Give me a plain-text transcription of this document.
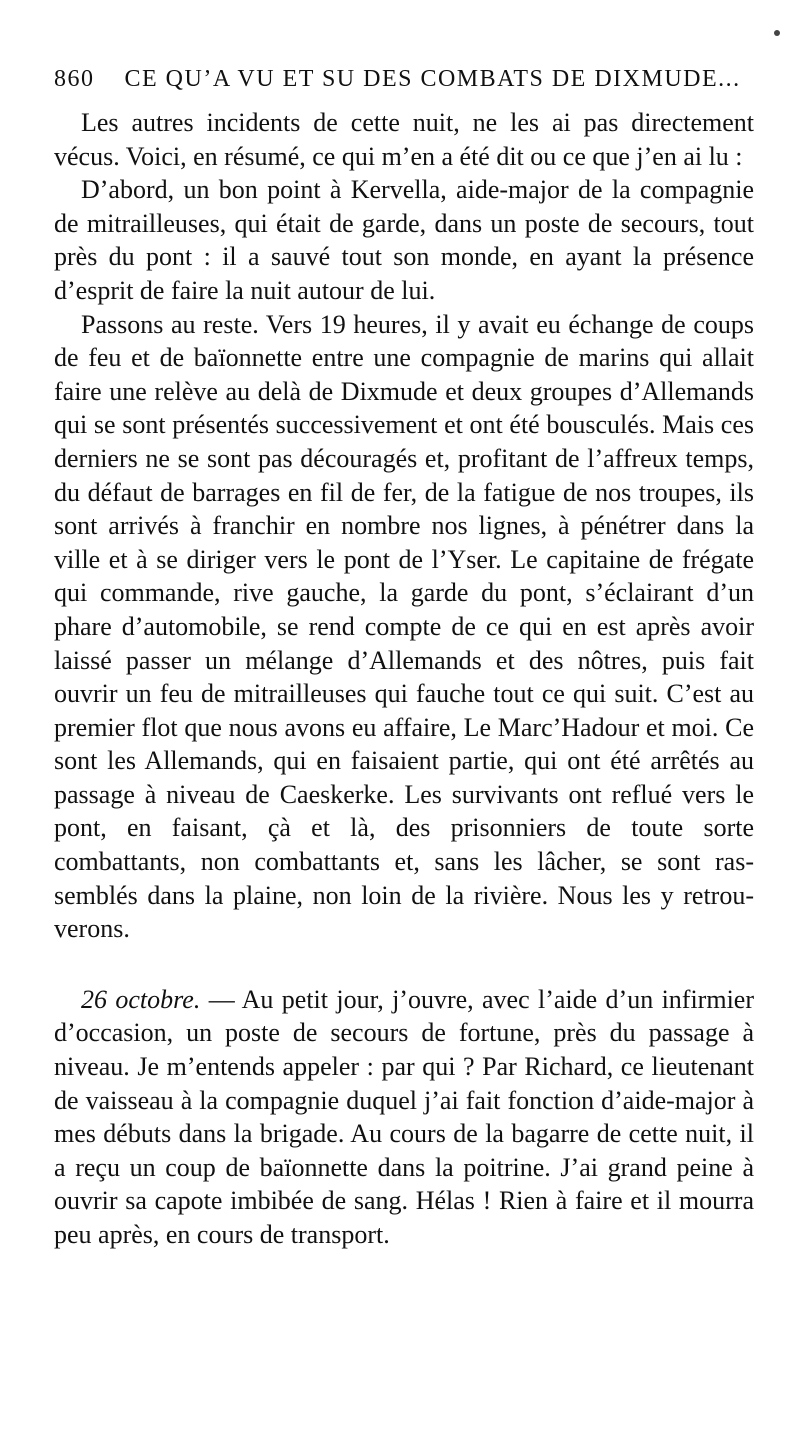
860 CE QU’A VU ET SU DES COMBATS DE DIXMUDE...

Les autres incidents de cette nuit, ne les ai pas directement vécus. Voici, en résumé, ce qui m’en a été dit ou ce que j’en ai lu :

D’abord, un bon point à Kervella, aide-major de la compagnie de mitrailleuses, qui était de garde, dans un poste de secours, tout près du pont : il a sauvé tout son monde, en ayant la présence d’esprit de faire la nuit autour de lui.

Passons au reste. Vers 19 heures, il y avait eu échange de coups de feu et de baïonnette entre une compagnie de marins qui allait faire une relève au delà de Dixmude et deux groupes d’Allemands qui se sont présentés successivement et ont été bousculés. Mais ces derniers ne se sont pas découragés et, profitant de l’affreux temps, du défaut de barrages en fil de fer, de la fatigue de nos troupes, ils sont arrivés à franchir en nombre nos lignes, à pénétrer dans la ville et à se diriger vers le pont de l’Yser. Le capitaine de frégate qui commande, rive gauche, la garde du pont, s’éclairant d’un phare d’automobile, se rend compte de ce qui en est après avoir laissé passer un mélange d’Allemands et des nôtres, puis fait ouvrir un feu de mitrailleuses qui fauche tout ce qui suit. C’est au premier flot que nous avons eu affaire, Le Marc’Hadour et moi. Ce sont les Allemands, qui en faisaient partie, qui ont été arrêtés au passage à niveau de Caeskerke. Les survivants ont reflué vers le pont, en faisant, çà et là, des prisonniers de toute sorte combattants, non combattants et, sans les lâcher, se sont rassemblés dans la plaine, non loin de la rivière. Nous les y retrouverons.

26 octobre. — Au petit jour, j’ouvre, avec l’aide d’un infirmier d’occasion, un poste de secours de fortune, près du passage à niveau. Je m’entends appeler : par qui ? Par Richard, ce lieutenant de vaisseau à la compagnie duquel j’ai fait fonction d’aide-major à mes débuts dans la brigade. Au cours de la bagarre de cette nuit, il a reçu un coup de baïonnette dans la poitrine. J’ai grand peine à ouvrir sa capote imbibée de sang. Hélas ! Rien à faire et il mourra peu après, en cours de transport.
